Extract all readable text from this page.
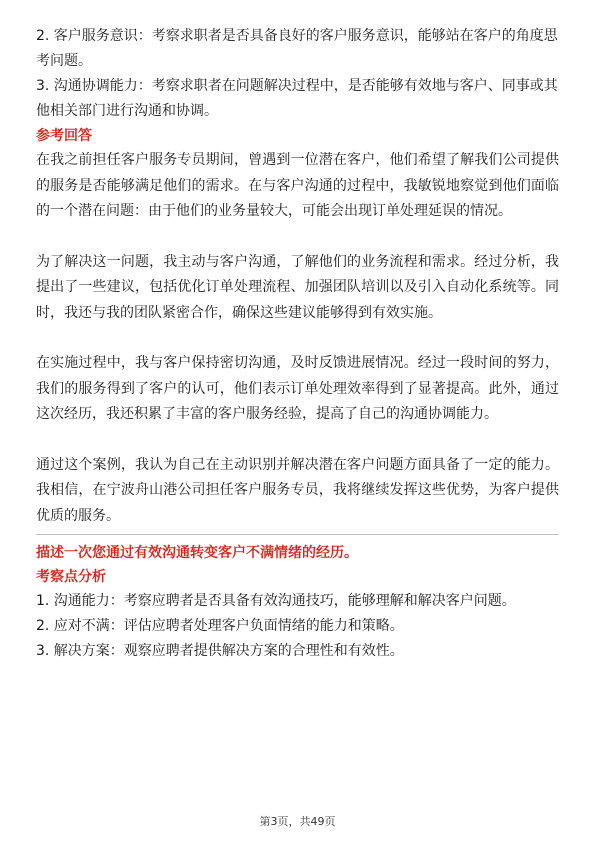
2. 客户服务意识：考察求职者是否具备良好的客户服务意识，能够站在客户的角度思考问题。

3. 沟通协调能力：考察求职者在问题解决过程中，是否能够有效地与客户、同事或其他相关部门进行沟通和协调。

参考回答

在我之前担任客户服务专员期间，曾遇到一位潜在客户，他们希望了解我们公司提供的服务是否能够满足他们的需求。在与客户沟通的过程中，我敏锐地察觉到他们面临的一个潜在问题：由于他们的业务量较大，可能会出现订单处理延误的情况。

为了解决这一问题，我主动与客户沟通，了解他们的业务流程和需求。经过分析，我提出了一些建议，包括优化订单处理流程、加强团队培训以及引入自动化系统等。同时，我还与我的团队紧密合作，确保这些建议能够得到有效实施。

在实施过程中，我与客户保持密切沟通，及时反馈进展情况。经过一段时间的努力，我们的服务得到了客户的认可，他们表示订单处理效率得到了显著提高。此外，通过这次经历，我还积累了丰富的客户服务经验，提高了自己的沟通协调能力。

通过这个案例，我认为自己在主动识别并解决潜在客户问题方面具备了一定的能力。我相信，在宁波舟山港公司担任客户服务专员，我将继续发挥这些优势，为客户提供优质的服务。

描述一次您通过有效沟通转变客户不满情绪的经历。

考察点分析

1. 沟通能力：考察应聘者是否具备有效沟通技巧，能够理解和解决客户问题。

2. 应对不满：评估应聘者处理客户负面情绪的能力和策略。

3. 解决方案：观察应聘者提供解决方案的合理性和有效性。

第3页，共49页
